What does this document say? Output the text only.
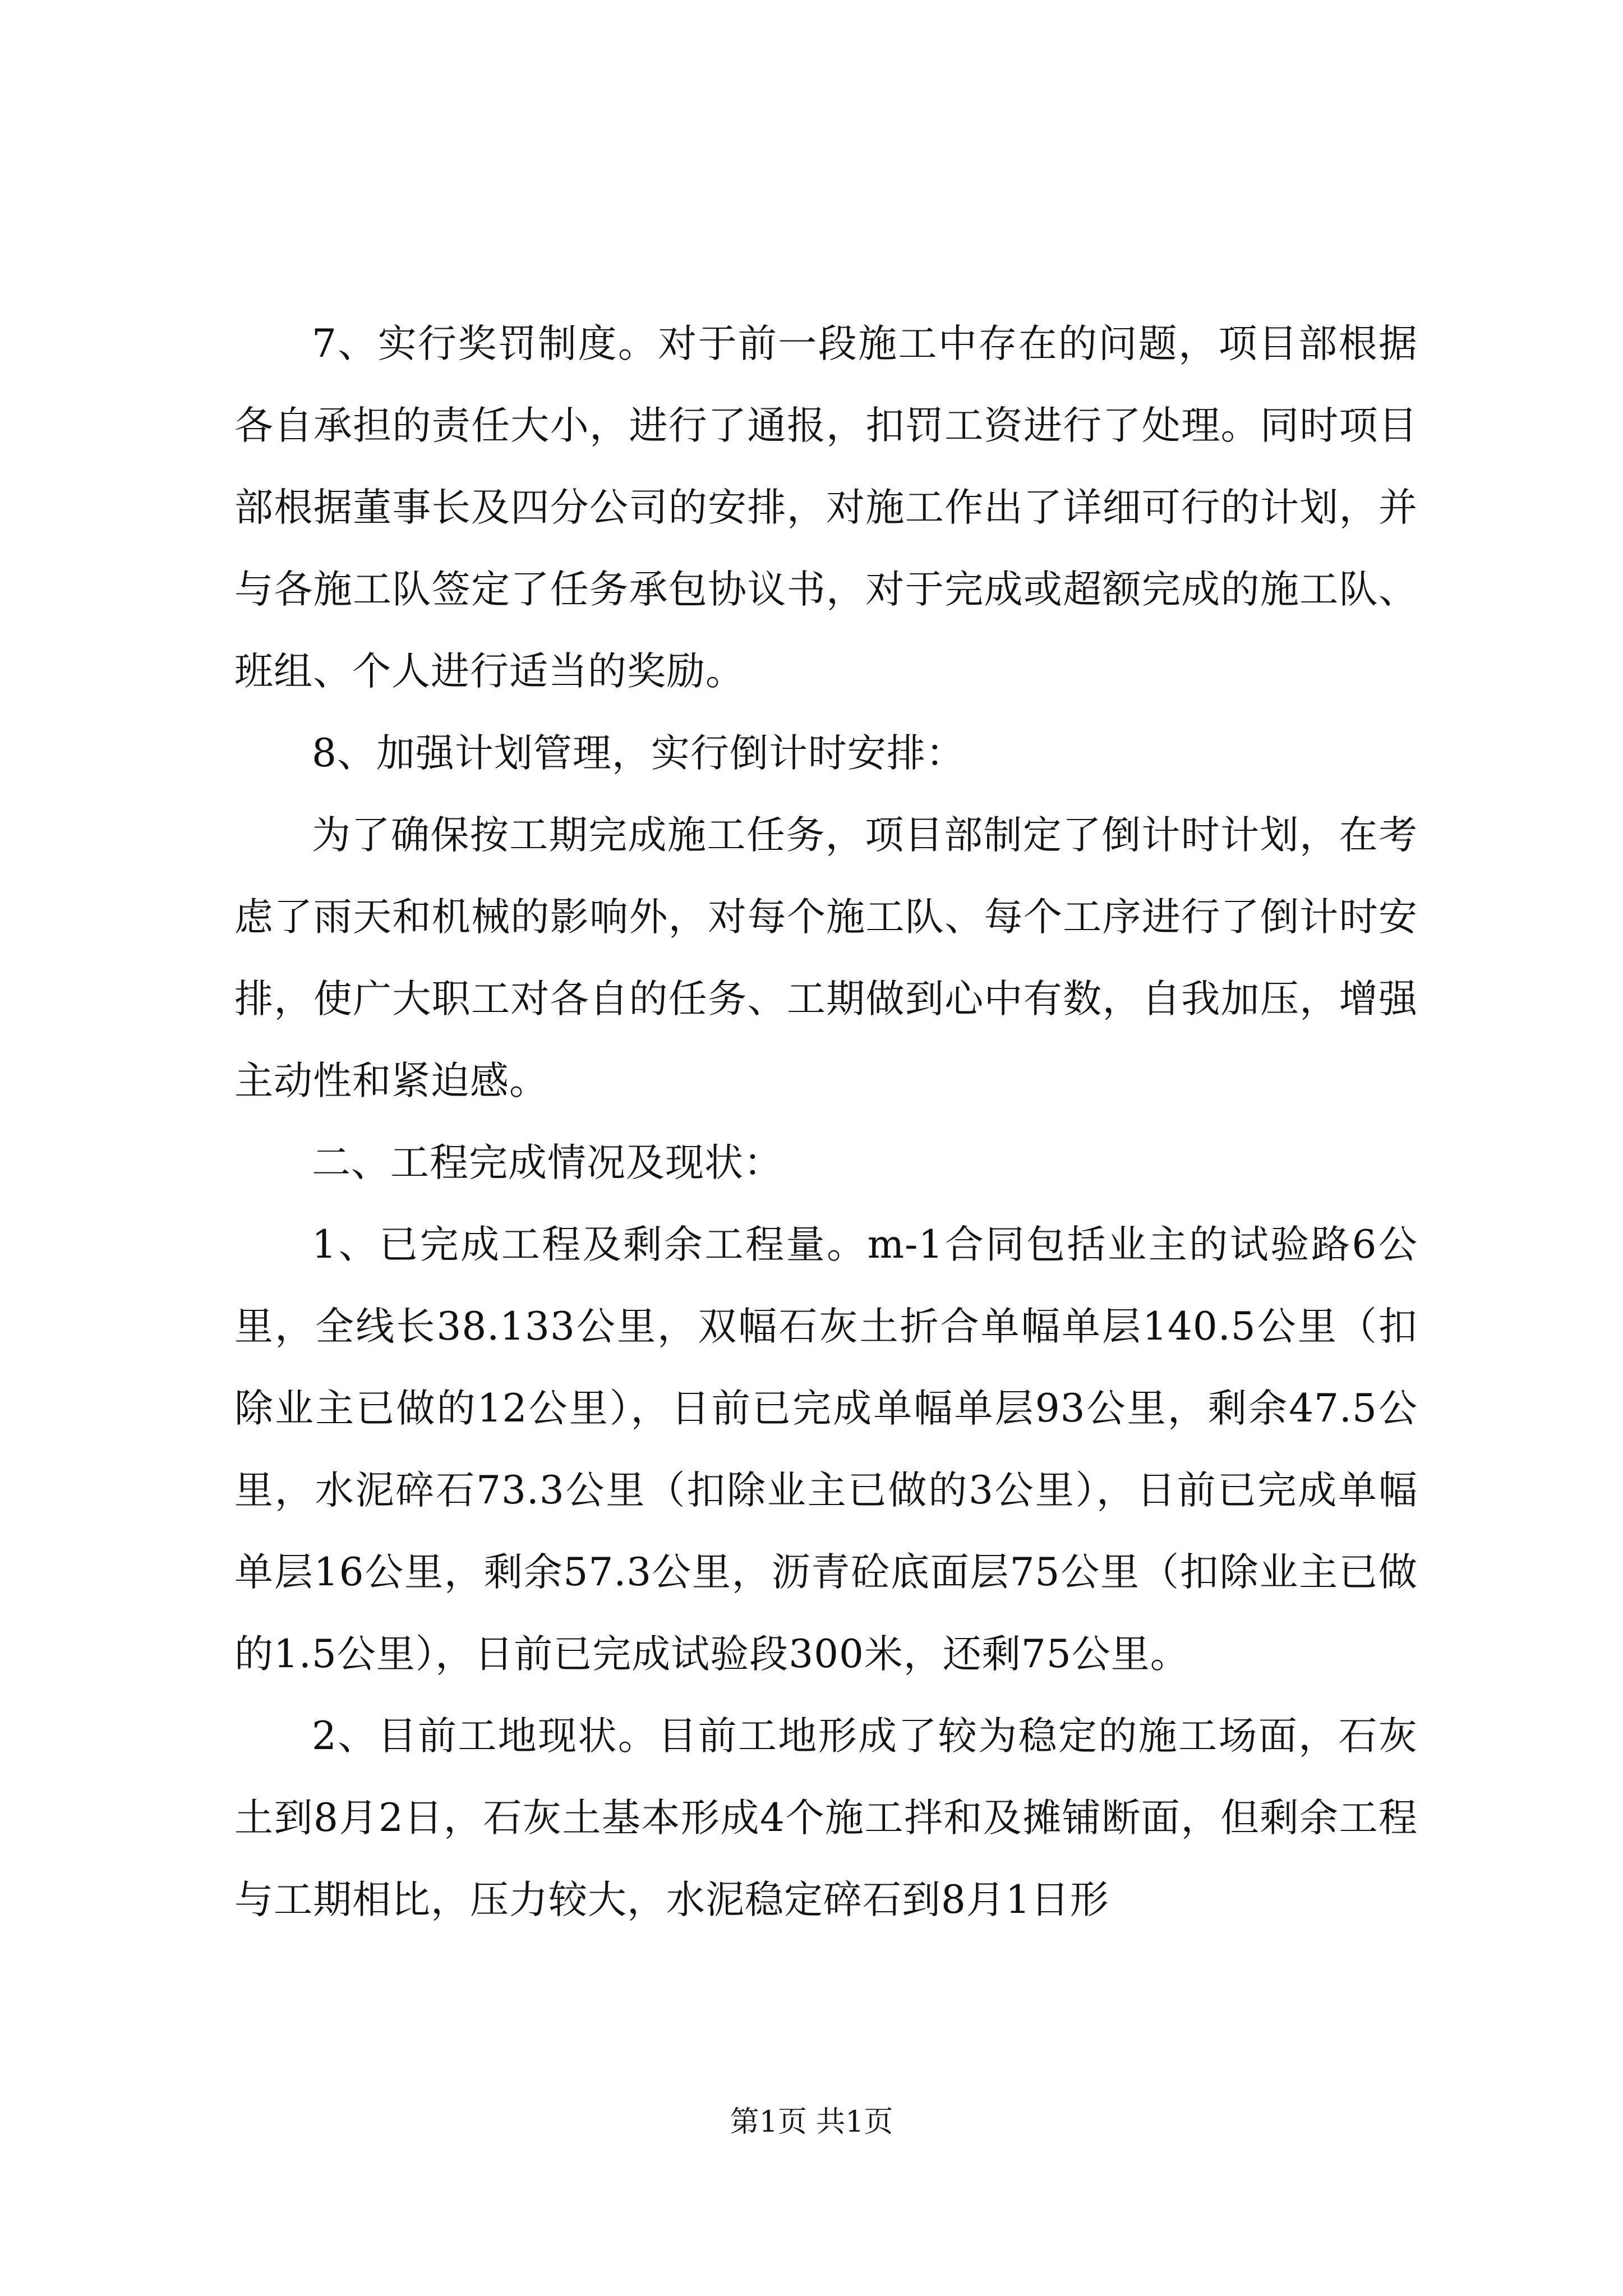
7、实行奖罚制度。对于前一段施工中存在的问题，项目部根据各自承担的责任大小，进行了通报，扣罚工资进行了处理。同时项目部根据董事长及四分公司的安排，对施工作出了详细可行的计划，并与各施工队签定了任务承包协议书，对于完成或超额完成的施工队、班组、个人进行适当的奖励。

8、加强计划管理，实行倒计时安排：

为了确保按工期完成施工任务，项目部制定了倒计时计划，在考虑了雨天和机械的影响外，对每个施工队、每个工序进行了倒计时安排，使广大职工对各自的任务、工期做到心中有数，自我加压，增强主动性和紧迫感。

二、工程完成情况及现状：

1、已完成工程及剩余工程量。m-1合同包括业主的试验路6公里，全线长38.133公里，双幅石灰土折合单幅单层140.5公里（扣除业主已做的12公里），日前已完成单幅单层93公里，剩余47.5公里，水泥碎石73.3公里（扣除业主已做的3公里），日前已完成单幅单层16公里，剩余57.3公里，沥青砼底面层75公里（扣除业主已做的1.5公里），日前已完成试验段300米，还剩75公里。

2、目前工地现状。目前工地形成了较为稳定的施工场面，石灰土到8月2日，石灰土基本形成4个施工拌和及摊铺断面，但剩余工程与工期相比，压力较大，水泥稳定碎石到8月1日形

第1页 共1页
